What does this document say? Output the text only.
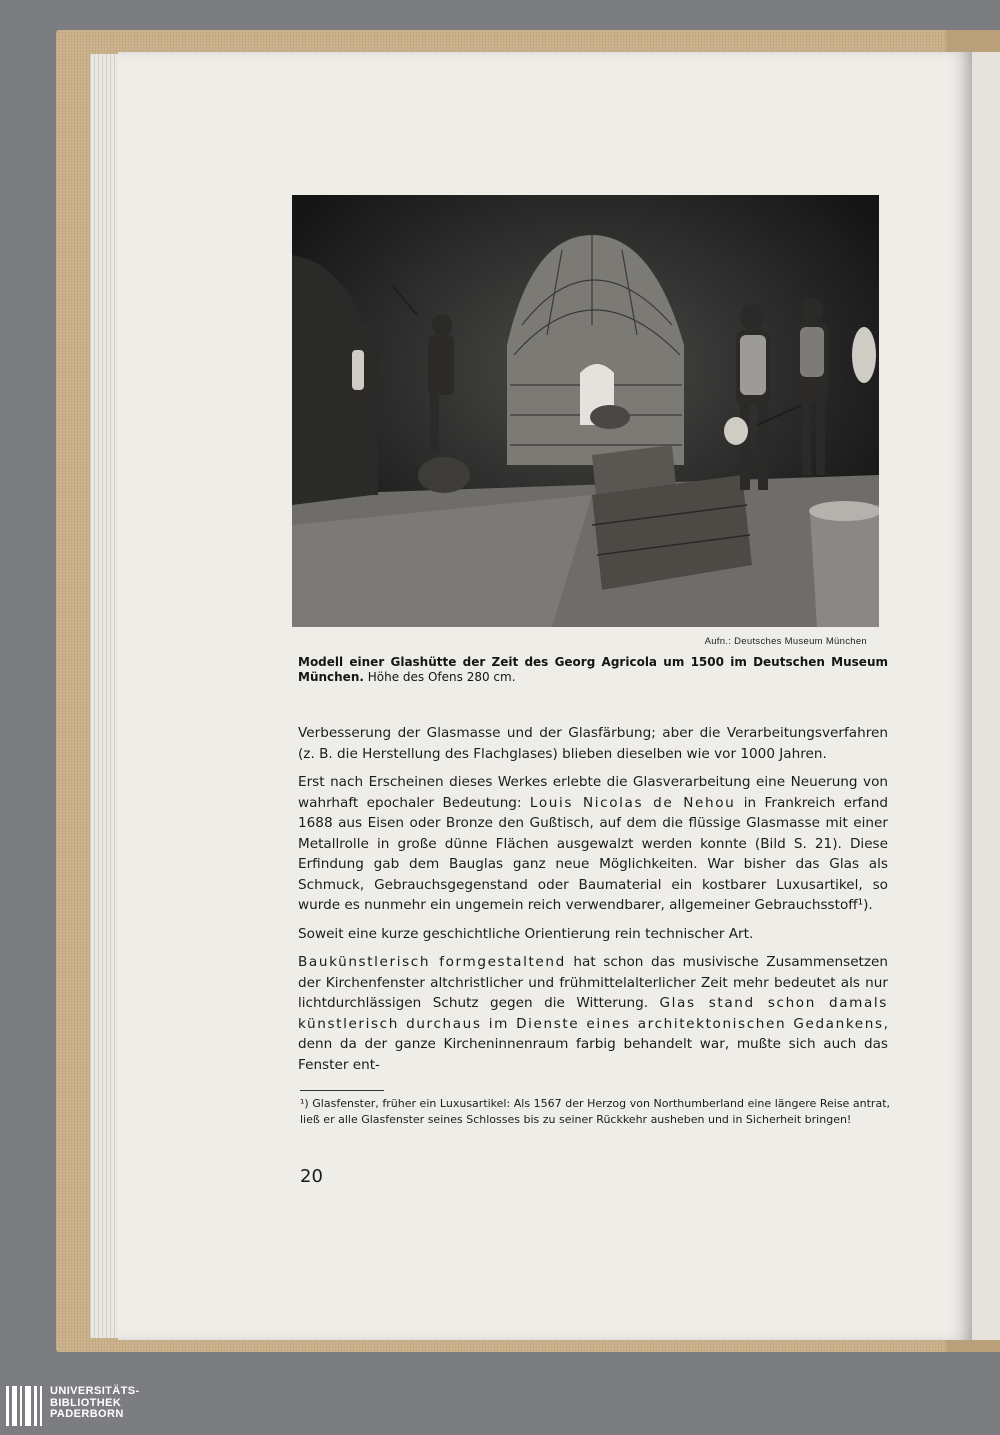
Aufn.: Deutsches Museum München
Modell einer Glashütte der Zeit des Georg Agricola um 1500 im Deutschen Museum München. Höhe des Ofens 280 cm.

Verbesserung der Glasmasse und der Glasfärbung; aber die Verarbeitungsverfahren (z. B. die Herstellung des Flachglases) blieben dieselben wie vor 1000 Jahren.

Erst nach Erscheinen dieses Werkes erlebte die Glasverarbeitung eine Neuerung von wahrhaft epochaler Bedeutung: Louis Nicolas de Nehou in Frankreich erfand 1688 aus Eisen oder Bronze den Gußtisch, auf dem die flüssige Glasmasse mit einer Metallrolle in große dünne Flächen ausgewalzt werden konnte (Bild S. 21). Diese Erfindung gab dem Bauglas ganz neue Möglichkeiten. War bisher das Glas als Schmuck, Gebrauchsgegenstand oder Baumaterial ein kostbarer Luxusartikel, so wurde es nunmehr ein ungemein reich verwendbarer, allgemeiner Gebrauchsstoff¹).

Soweit eine kurze geschichtliche Orientierung rein technischer Art.

Baukünstlerisch formgestaltend hat schon das musivische Zusammensetzen der Kirchenfenster altchristlicher und frühmittelalterlicher Zeit mehr bedeutet als nur lichtdurchlässigen Schutz gegen die Witterung. Glas stand schon damals künstlerisch durchaus im Dienste eines architektonischen Gedankens, denn da der ganze Kircheninnenraum farbig behandelt war, mußte sich auch das Fenster ent-

¹) Glasfenster, früher ein Luxusartikel: Als 1567 der Herzog von Northumberland eine längere Reise antrat, ließ er alle Glasfenster seines Schlosses bis zu seiner Rückkehr ausheben und in Sicherheit bringen!
20
UNIVERSITÄTS-
BIBLIOTHEK
PADERBORN
